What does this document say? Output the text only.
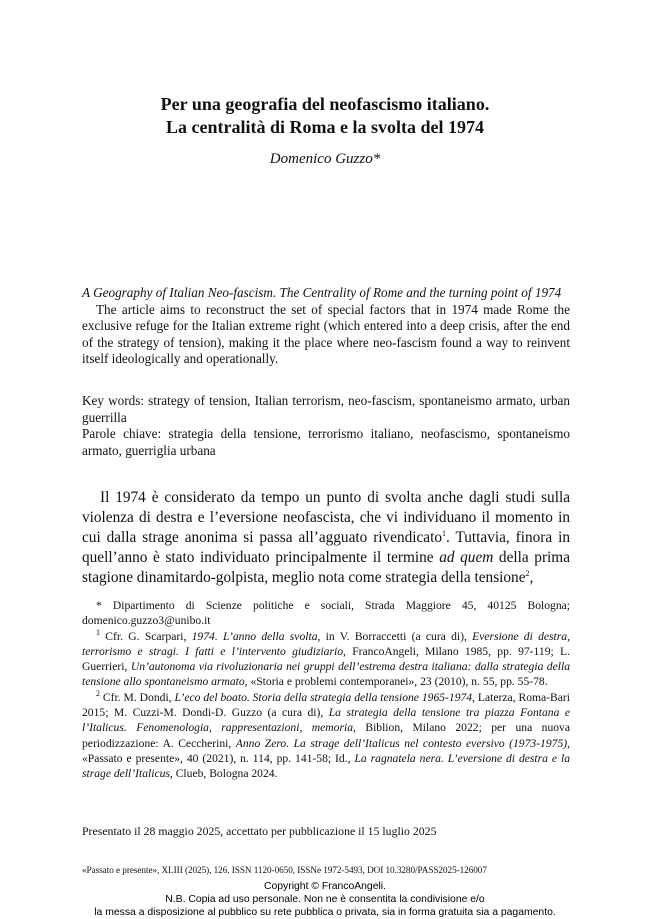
Per una geografia del neofascismo italiano.
La centralità di Roma e la svolta del 1974
Domenico Guzzo*
A Geography of Italian Neo-fascism. The Centrality of Rome and the turning point of 1974
The article aims to reconstruct the set of special factors that in 1974 made Rome the exclusive refuge for the Italian extreme right (which entered into a deep crisis, after the end of the strategy of tension), making it the place where neo-fascism found a way to reinvent itself ideologically and operationally.
Key words: strategy of tension, Italian terrorism, neo-fascism, spontaneismo armato, urban guerrilla
Parole chiave: strategia della tensione, terrorismo italiano, neofascismo, spontaneismo armato, guerriglia urbana
Il 1974 è considerato da tempo un punto di svolta anche dagli studi sulla violenza di destra e l’eversione neofascista, che vi individuano il momento in cui dalla strage anonima si passa all’agguato rivendicato$^1$. Tuttavia, finora in quell’anno è stato individuato principalmente il termine ad quem della prima stagione dinamitardo-golpista, meglio nota come strategia della tensione$^2$,

* Dipartimento di Scienze politiche e sociali, Strada Maggiore 45, 40125 Bologna; domenico.guzzo3@unibo.it

$^1$ Cfr. G. Scarpari, 1974. L’anno della svolta, in V. Borraccetti (a cura di), Eversione di destra, terrorismo e stragi. I fatti e l’intervento giudiziario, FrancoAngeli, Milano 1985, pp. 97-119; L. Guerrieri, Un’autonoma via rivoluzionaria nei gruppi dell’estrema destra italiana: dalla strategia della tensione allo spontaneismo armato, «Storia e problemi contemporanei», 23 (2010), n. 55, pp. 55-78.

$^2$ Cfr. M. Dondi, L’eco del boato. Storia della strategia della tensione 1965-1974, Laterza, Roma-Bari 2015; M. Cuzzi-M. Dondi-D. Guzzo (a cura di), La strategia della tensione tra piazza Fontana e l’Italicus. Fenomenologia, rappresentazioni, memoria, Biblion, Milano 2022; per una nuova periodizzazione: A. Ceccherini, Anno Zero. La strage dell’Italicus nel contesto eversivo (1973-1975), «Passato e presente», 40 (2021), n. 114, pp. 141-58; Id., La ragnatela nera. L’eversione di destra e la strage dell’Italicus, Clueb, Bologna 2024.

Presentato il 28 maggio 2025, accettato per pubblicazione il 15 luglio 2025
«Passato e presente», XLIII (2025), 126. ISSN 1120-0650, ISSNe 1972-5493, DOI 10.3280/PASS2025-126007
Copyright © FrancoAngeli.
N.B. Copia ad uso personale. Non ne è consentita la condivisione e/o
la messa a disposizione al pubblico su rete pubblica o privata, sia in forma gratuita sia a pagamento.
